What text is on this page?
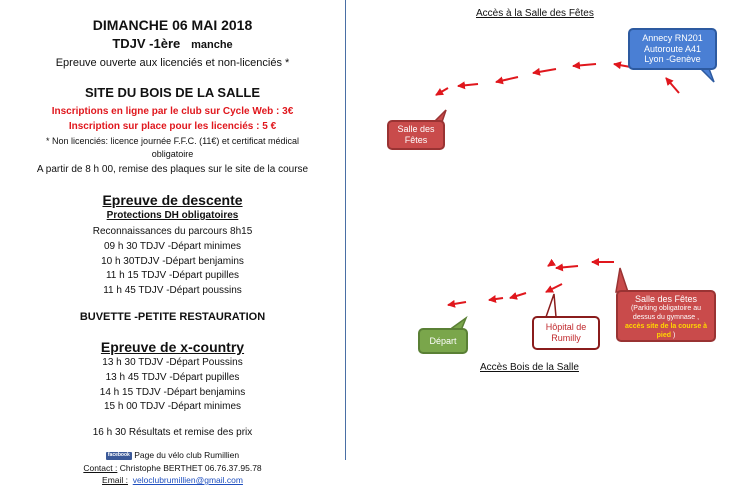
DIMANCHE 06 MAI 2018
TDJV -1ère manche
Epreuve ouverte aux licenciés et non-licenciés *
SITE DU BOIS DE LA SALLE
Inscriptions en ligne par le club sur Cycle Web : 3€
Inscription sur place pour les licenciés : 5 €
* Non licenciés: licence journée F.F.C. (11€) et certificat médical
obligatoire
A partir de 8 h 00, remise des plaques sur le site de la course
Epreuve de descente
Protections DH obligatoires
Reconnaissances du parcours 8h15
09 h 30 TDJV -Départ minimes
10 h 30TDJV -Départ benjamins
11 h 15 TDJV -Départ pupilles
11 h 45 TDJV -Départ poussins
BUVETTE -PETITE RESTAURATION
Epreuve de x-country
13 h 30 TDJV -Départ Poussins
13 h 45 TDJV -Départ pupilles
14 h 15 TDJV -Départ benjamins
15 h 00 TDJV -Départ minimes
16 h 30 Résultats et remise des prix
facebook Page du vélo club Rumillien
Contact : Christophe BERTHET 06.76.37.95.78
Email : veloclubrumillien@gmail.com
Accès à la Salle des Fêtes
Annecy RN201
Autoroute A41
Lyon -Genève
Salle des
Fêtes
Salle des Fêtes
(Parking obligatoire au dessus du gymnase ,
accès site de la course à pied )
Hôpital de
Rumilly
Départ
Accès Bois de la Salle
